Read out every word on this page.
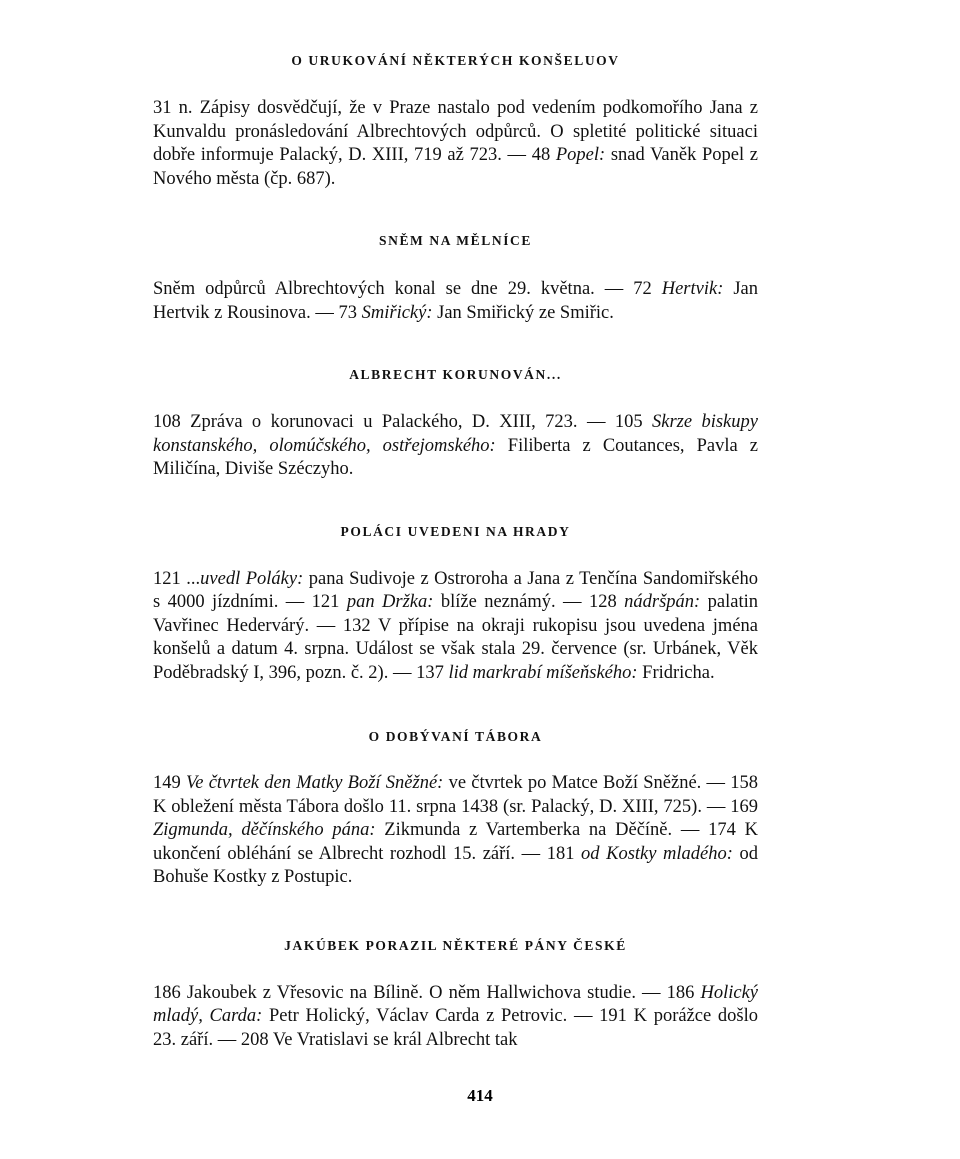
O URUKOVÁNÍ NĚKTERÝCH KONŠELUOV

31 n. Zápisy dosvědčují, že v Praze nastalo pod vedením podkomořího Jana z Kunvaldu pronásledování Albrechtových odpůrců. O spletité politické situaci dobře informuje Palacký, D. XIII, 719 až 723. — 48 Popel: snad Vaněk Popel z Nového města (čp. 687).

SNĚM NA MĚLNÍCE

Sněm odpůrců Albrechtových konal se dne 29. května. — 72 Hertvik: Jan Hertvik z Rousinova. — 73 Smiřický: Jan Smiřický ze Smiřic.

ALBRECHT KORUNOVÁN...

108 Zpráva o korunovaci u Palackého, D. XIII, 723. — 105 Skrze biskupy konstanského, olomúčského, ostřejomského: Filiberta z Coutances, Pavla z Miličína, Diviše Széczyho.

POLÁCI UVEDENI NA HRADY

121 ...uvedl Poláky: pana Sudivoje z Ostroroha a Jana z Tenčína Sandomiřského s 4000 jízdními. — 121 pan Držka: blíže neznámý. — 128 nádršpán: palatin Vavřinec Hedervárý. — 132 V přípise na okraji rukopisu jsou uvedena jména konšelů a datum 4. srpna. Událost se však stala 29. července (sr. Urbánek, Věk Poděbradský I, 396, pozn. č. 2). — 137 lid markrabí míšeňského: Fridricha.

O DOBÝVANÍ TÁBORA

149 Ve čtvrtek den Matky Boží Sněžné: ve čtvrtek po Matce Boží Sněžné. — 158 K obležení města Tábora došlo 11. srpna 1438 (sr. Palacký, D. XIII, 725). — 169 Zigmunda, děčínského pána: Zikmunda z Vartemberka na Děčíně. — 174 K ukončení obléhání se Albrecht rozhodl 15. září. — 181 od Kostky mladého: od Bohuše Kostky z Postupic.

JAKÚBEK PORAZIL NĚKTERÉ PÁNY ČESKÉ

186 Jakoubek z Vřesovic na Bílině. O něm Hallwichova studie. — 186 Holický mladý, Carda: Petr Holický, Václav Carda z Petrovic. — 191 K porážce došlo 23. září. — 208 Ve Vratislavi se král Albrecht tak

414
